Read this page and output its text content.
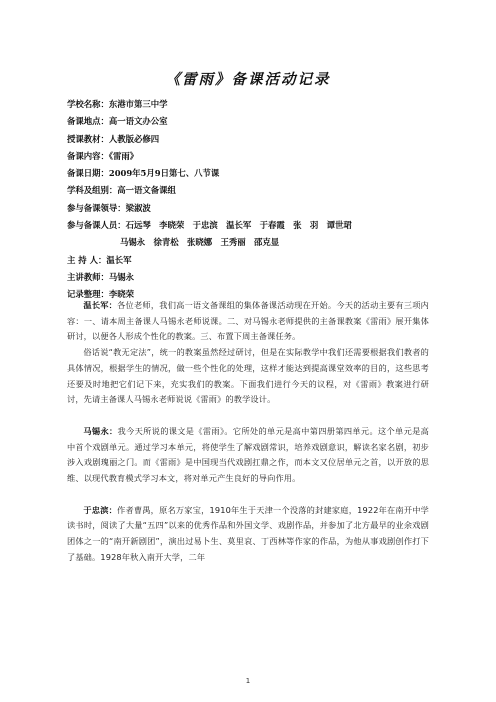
《雷雨》备课活动记录
学校名称：东港市第三中学
备课地点：高一语文办公室
授课教材：人教版必修四
备课内容：《雷雨》
备课日期：2009年5月9日第七、八节课
学科及组别：高一语文备课组
参与备课领导：梁淑波
参与备课人员：石远琴　李晓荣　于忠滨　温长军　于春霞　张　羽　谭世珺
马锡永　徐青松　张晓娜　王秀丽　邵克显
主 持 人：温长军
主讲教师：马锡永
记录整理：李晓荣

温长军：各位老师，我们高一语文备课组的集体备课活动现在开始。今天的活动主要有三项内容：一、请本周主备课人马锡永老师说课。二、对马锡永老师提供的主备课教案《雷雨》展开集体研讨，以便各人形成个性化的教案。三、布置下周主备课任务。

俗话说“教无定法”，统一的教案虽然经过研讨，但是在实际教学中我们还需要根据我们教者的具体情况，根据学生的情况，做一些个性化的处理，这样才能达到提高课堂效率的目的，这些思考还要及时地把它们记下来，充实我们的教案。下面我们进行今天的议程，对《雷雨》教案进行研讨，先请主备课人马锡永老师说说《雷雨》的教学设计。

马锡永：我今天所说的课文是《雷雨》。它所处的单元是高中第四册第四单元。这个单元是高中首个戏剧单元。通过学习本单元，将使学生了解戏剧常识，培养戏剧意识，解读名家名剧，初步涉入戏剧瑰丽之门。而《雷雨》是中国现当代戏剧扛鼎之作，而本文又位居单元之首，以开放的思维、以现代教育模式学习本文，将对单元产生良好的导向作用。

于忠滨：作者曹禺，原名万家宝，1910年生于天津一个没落的封建家庭，1922年在南开中学读书时，阅读了大量“五四”以来的优秀作品和外国文学、戏剧作品，并参加了北方最早的业余戏剧团体之一的“南开新剧团”，演出过易卜生、莫里哀、丁西林等作家的作品，为他从事戏剧创作打下了基础。1928年秋入南开大学，二年

1
